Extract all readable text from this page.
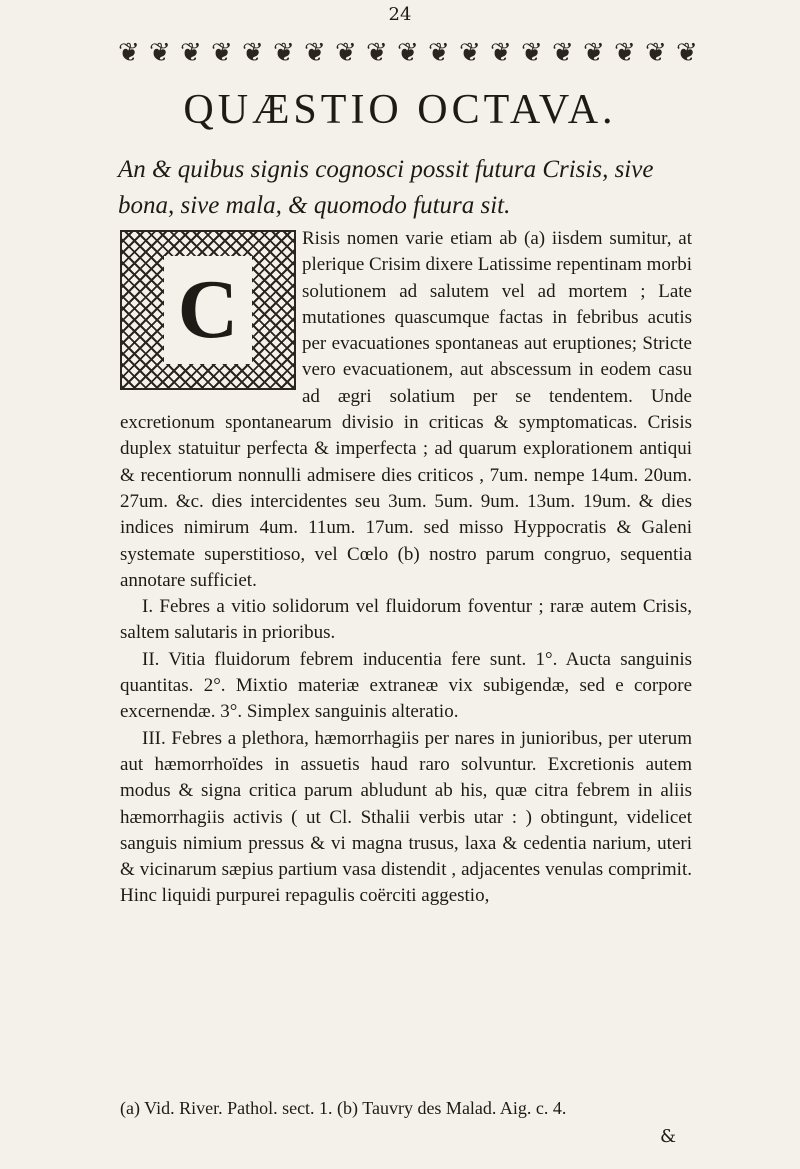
24
❦ ❦ ❦ ❦ ❦ ❦ ❦ ❦ ❦ ❦ ❦ ❦ ❦ ❦ ❦ ❦ ❦ ❦ ❦
QUÆSTIO OCTAVA.
An & quibus signis cognosci possit futura Crisis, sive bona, sive mala, & quomodo futura sit.
C

Risis nomen varie etiam ab (a) iisdem sumitur, at plerique Crisim dixere Latissime repentinam morbi solutionem ad salutem vel ad mortem ; Late mutationes quascumque factas in febribus acutis per evacuationes spontaneas aut eruptiones; Stricte vero evacuationem, aut abscessum in eodem casu ad ægri solatium per se tendentem. Unde excretionum spontanearum divisio in criticas & symptomaticas. Crisis duplex statuitur perfecta & imperfecta ; ad quarum explorationem antiqui & recentiorum nonnulli admisere dies criticos , 7um. nempe 14um. 20um. 27um. &c. dies intercidentes seu 3um. 5um. 9um. 13um. 19um. & dies indices nimirum 4um. 11um. 17um. sed misso Hyppocratis & Galeni systemate superstitioso, vel Cœlo (b) nostro parum congruo, sequentia annotare sufficiet.

I. Febres a vitio solidorum vel fluidorum foventur ; raræ autem Crisis, saltem salutaris in prioribus.

II. Vitia fluidorum febrem inducentia fere sunt. 1°. Aucta sanguinis quantitas. 2°. Mixtio materiæ extraneæ vix subigendæ, sed e corpore excernendæ. 3°. Simplex sanguinis alteratio.

III. Febres a plethora, hæmorrhagiis per nares in junioribus, per uterum aut hæmorrhoïdes in assuetis haud raro solvuntur. Excretionis autem modus & signa critica parum abludunt ab his, quæ citra febrem in aliis hæmorrhagiis activis ( ut Cl. Sthalii verbis utar : ) obtingunt, videlicet sanguis nimium pressus & vi magna trusus, laxa & cedentia narium, uteri & vicinarum sæpius partium vasa distendit , adjacentes venulas comprimit. Hinc liquidi purpurei repagulis coërciti aggestio,

(a) Vid. River. Pathol. sect. 1. (b) Tauvry des Malad. Aig. c. 4.
&
